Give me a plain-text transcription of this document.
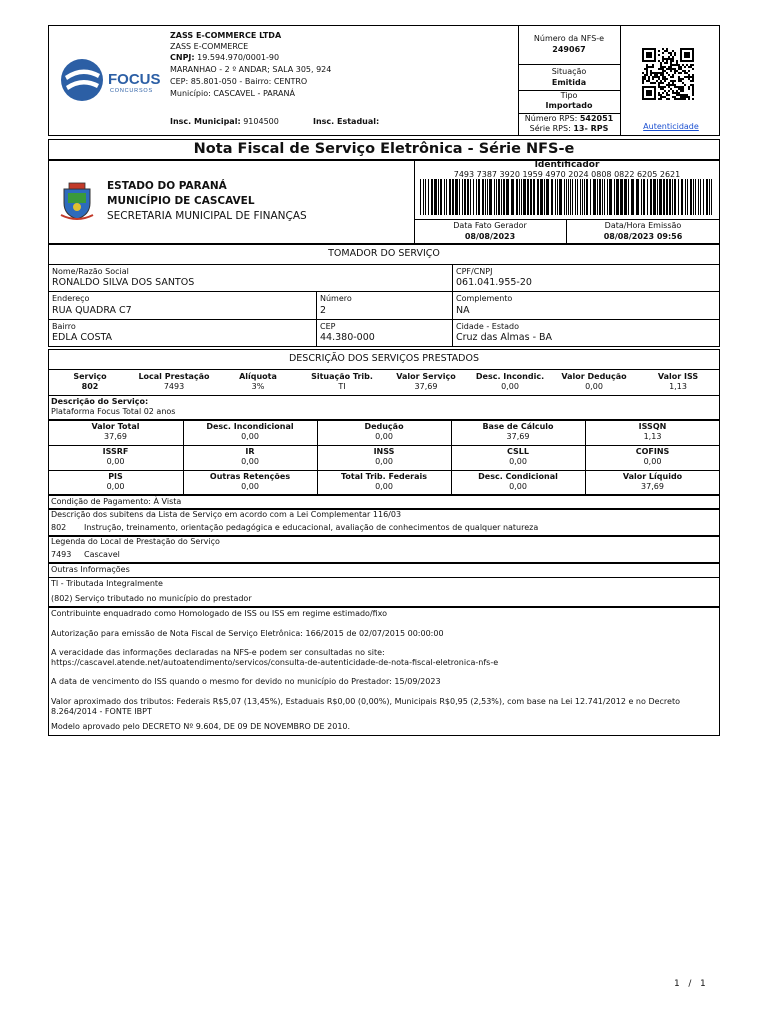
FOCUS
CONCURSOS
ZASS E-COMMERCE LTDA
ZASS E-COMMERCE
CNPJ: 19.594.970/0001-90
MARANHAO - 2 º ANDAR; SALA 305, 924
CEP: 85.801-050 - Bairro: CENTRO
Município: CASCAVEL - PARANÁ
Insc. Municipal: 9104500	Insc. Estadual:
Número da NFS-e
249067
Situação
Emitida
Tipo
Importado
Número RPS: 542051
Série RPS: 13- RPS	Autenticidade
Nota Fiscal de Serviço Eletrônica - Série NFS-e
ESTADO DO PARANÁ
MUNICÍPIO DE CASCAVEL
SECRETARIA MUNICIPAL DE FINANÇAS
Identificador
7493 7387 3920 1959 4970 2024 0808 0822 6205 2621
Data Fato Gerador
08/08/2023
Data/Hora Emissão
08/08/2023 09:56
TOMADOR DO SERVIÇO
Nome/Razão Social
RONALDO SILVA DOS SANTOS
CPF/CNPJ
061.041.955-20
Endereço
RUA QUADRA C7
Número
2
Complemento
NA
Bairro
EDLA COSTA
CEP
44.380-000
Cidade - Estado
Cruz das Almas - BA
DESCRIÇÃO DOS SERVIÇOS PRESTADOS
Serviço	Local Prestação	Alíquota	Situação Trib.	Valor Serviço	Desc. Incondic.	Valor Dedução	Valor ISS
802	7493	3%	TI	37,69	0,00	0,00	1,13
Descrição do Serviço:
Plataforma Focus Total 02 anos
Valor Total
37,69
Desc. Incondicional
0,00
Dedução
0,00
Base de Cálculo
37,69
ISSQN
1,13
ISSRF
0,00
IR
0,00
INSS
0,00
CSLL
0,00
COFINS
0,00
PIS
0,00
Outras Retenções
0,00
Total Trib. Federais
0,00
Desc. Condicional
0,00
Valor Líquido
37,69
Condição de Pagamento: À Vista
Descrição dos subitens da Lista de Serviço em acordo com a Lei Complementar 116/03
802 Instrução, treinamento, orientação pedagógica e educacional, avaliação de conhecimentos de qualquer natureza
Legenda do Local de Prestação do Serviço
7493 Cascavel
Outras Informações
TI - Tributada Integralmente
(802) Serviço tributado no município do prestador
Contribuinte enquadrado como Homologado de ISS ou ISS em regime estimado/fixo
Autorização para emissão de Nota Fiscal de Serviço Eletrônica: 166/2015 de 02/07/2015 00:00:00
A veracidade das informações declaradas na NFS-e podem ser consultadas no site:
https://cascavel.atende.net/autoatendimento/servicos/consulta-de-autenticidade-de-nota-fiscal-eletronica-nfs-e
A data de vencimento do ISS quando o mesmo for devido no município do Prestador: 15/09/2023
Valor aproximado dos tributos: Federais R$5,07 (13,45%), Estaduais R$0,00 (0,00%), Municipais R$0,95 (2,53%), com base na Lei 12.741/2012 e no Decreto
8.264/2014 - FONTE IBPT
Modelo aprovado pelo DECRETO Nº 9.604, DE 09 DE NOVEMBRO DE 2010.
1 / 1
